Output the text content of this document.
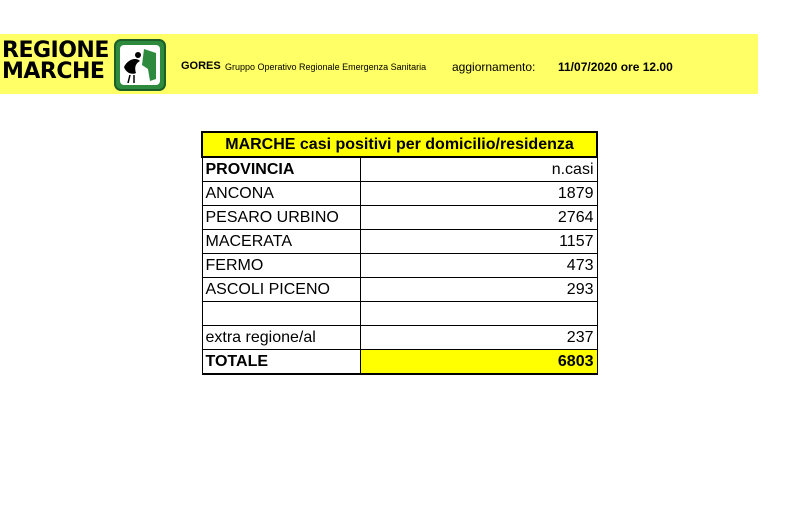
REGIONE
MARCHE	GORES Gruppo Operativo Regionale Emergenza Sanitaria aggiornamento: 11/07/2020 ore 12.00
MARCHE casi positivi per domicilio/residenza	
PROVINCIA	n.casi
ANCONA	1879
PESARO URBINO	2764
MACERATA	1157
FERMO	473
ASCOLI PICENO	293

extra regione/al	237
TOTALE	6803
